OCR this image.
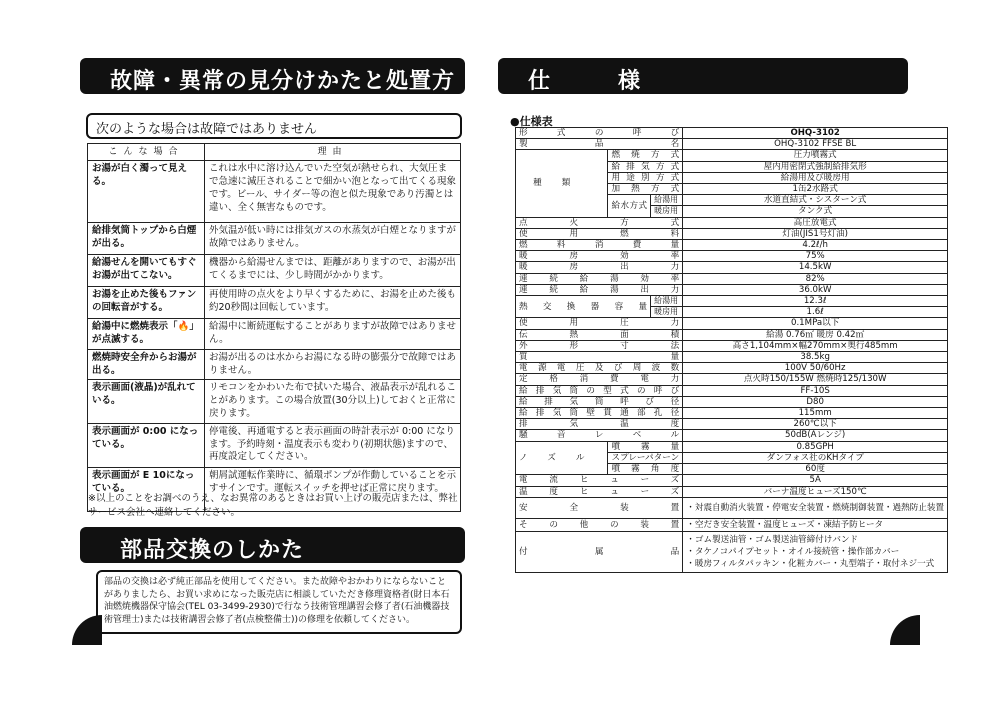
故障・異常の見分けかたと処置方法(2)
次のような場合は故障ではありません
こんな場合	理由
お湯が白く濁って見える。	これは水中に溶け込んでいた空気が熱せられ、大気圧まで急速に減圧されることで細かい泡となって出てくる現象です。ビール、サイダー等の泡と似た現象であり汚濁とは違い、全く無害なものです。
給排気筒トップから白煙が出る。	外気温が低い時には排気ガスの水蒸気が白煙となりますが故障ではありません。
給湯せんを開いてもすぐお湯が出てこない。	機器から給湯せんまでは、距離がありますので、お湯が出てくるまでには、少し時間がかかります。
お湯を止めた後もファンの回転音がする。	再使用時の点火をより早くするために、お湯を止めた後も約20秒間は回転しています。
給湯中に燃焼表示「🔥」が点滅する。	給湯中に断続運転することがありますが故障ではありません。
燃焼時安全弁からお湯が出る。	お湯が出るのは水からお湯になる時の膨張分で故障ではありません。
表示画面(液晶)が乱れている。	リモコンをかわいた布で拭いた場合、液晶表示が乱れることがあります。この場合放置(30分以上)しておくと正常に戻ります。
表示画面が 0:00 になっている。	停電後、再通電すると表示画面の時計表示が 0:00 になります。予約時刻・温度表示も変わり(初期状態)ますので、再度設定してください。
表示画面が E 10になっている。	朝屑試運転作業時に、循環ポンプが作動していることを示すサインです。運転スイッチを押せば正常に戻ります。
※以上のことをお調べのうえ、なお異常のあるときはお買い上げの販売店または、弊社サービス会社へ連絡してください。
部品交換のしかた
部品の交換は必ず純正部品を使用してください。また故障やおかわりにならないことがありましたら、お買い求めになった販売店に相談していただき修理資格者(財日本石油燃焼機器保守協会(TEL 03-3499-2930)で行なう技術管理講習会修了者(石油機器技術管理士)または技術講習会修了者(点検整備士))の修理を依頼してください。
仕　　様
●仕様表
形式の呼び			OHQ-3102
製品名			OHQ-3102 FFSE BL
種類	燃焼方式		圧力噴霧式
	給排気方式		屋内用密閉式強制給排気形
	用途別方式		給湯用及び暖房用
	加熱方式		1缶2水路式
	給水方式	給湯用	水道直結式・シスターン式
		暖房用	タンク式
点火方式			高圧放電式
使用燃料			灯油(JIS1号灯油)
燃料消費量			4.2ℓ/h
暖房効率			75%
暖房出力			14.5kW
連続給湯効率			82%
連続給湯出力			36.0kW
熱交換器容量		給湯用	12.3ℓ
		暖房用	1.6ℓ
使用圧力			0.1MPa以下
伝熱面積			給湯 0.76㎡ 暖房 0.42㎡
外形寸法			高さ1,104mm×幅270mm×奥行485mm
質量			38.5kg
電源電圧及び周波数			100V 50/60Hz
定格消費電力			点火時150/155W 燃焼時125/130W
給排気筒の型式の呼び			FF-10S
給排気筒呼び径			D80
給排気筒壁貫通部孔径			115mm
排気温度			260℃以下
騒音レベル			50dB(Aレンジ)
ノズル	噴霧量		0.85GPH
	スプレーパターン		ダンフォス社のKHタイプ
	噴霧角度		60度
電流ヒューズ			5A
温度ヒューズ			バーナ温度ヒューズ150℃
安全装置			・対震自動消火装置・停電安全装置・燃焼制御装置・過熱防止装置
その他の装置			・空だき安全装置・温度ヒューズ・凍結予防ヒータ
付属品			・ゴム製送油管・ゴム製送油管締付けバンド
・タケノコパイプセット・オイル接続管・操作部カバー
・暖房フィルタパッキン・化粧カバー・丸型端子・取付ネジ一式
